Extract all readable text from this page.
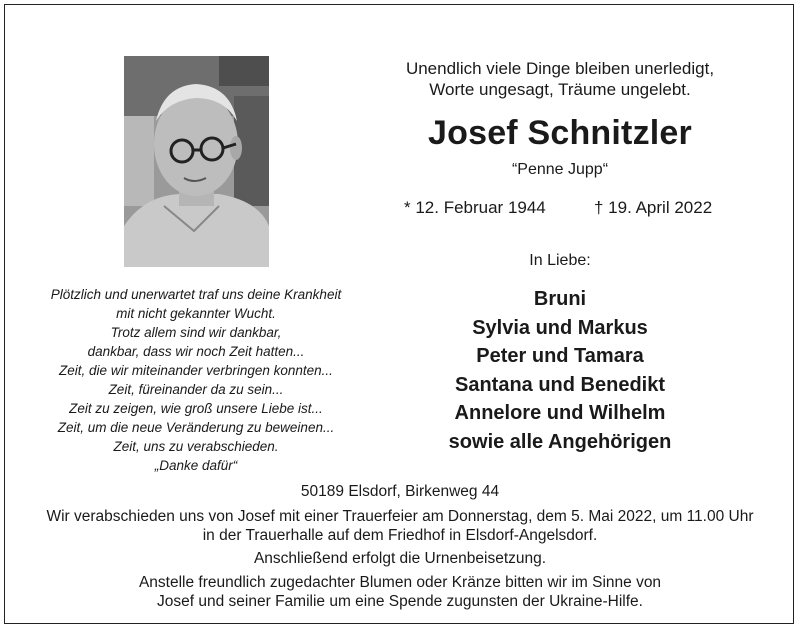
Unendlich viele Dinge bleiben unerledigt,
Worte ungesagt, Träume ungelebt.
Josef Schnitzler
“Penne Jupp“
* 12. Februar 1944	† 19. April 2022
In Liebe:
Bruni
Sylvia und Markus
Peter und Tamara
Santana und Benedikt
Annelore und Wilhelm
sowie alle Angehörigen
Plötzlich und unerwartet traf uns deine Krankheit
mit nicht gekannter Wucht.
Trotz allem sind wir dankbar,
dankbar, dass wir noch Zeit hatten...
Zeit, die wir miteinander verbringen konnten...
Zeit, füreinander da zu sein...
Zeit zu zeigen, wie groß unsere Liebe ist...
Zeit, um die neue Veränderung zu beweinen...
Zeit, uns zu verabschieden.
„Danke dafür“
50189 Elsdorf, Birkenweg 44
Wir verabschieden uns von Josef mit einer Trauerfeier am Donnerstag, dem 5. Mai 2022, um 11.00 Uhr
in der Trauerhalle auf dem Friedhof in Elsdorf-Angelsdorf.
Anschließend erfolgt die Urnenbeisetzung.
Anstelle freundlich zugedachter Blumen oder Kränze bitten wir im Sinne von
Josef und seiner Familie um eine Spende zugunsten der Ukraine-Hilfe.
